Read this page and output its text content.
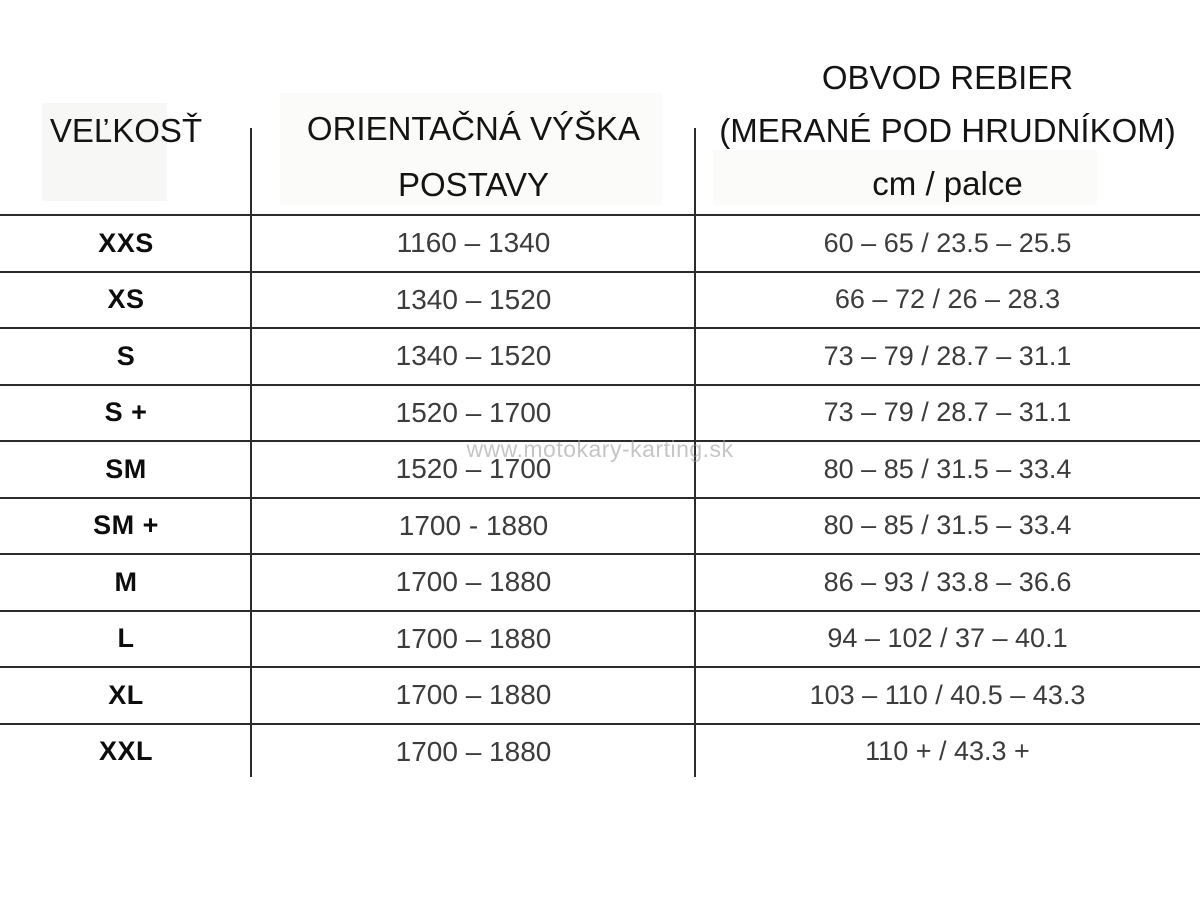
VEĽKOSŤ	ORIENTAČNÁ VÝŠKA
POSTAVY
OBVOD REBIER
(MERANÉ POD HRUDNÍKOM)
cm / palce
XXS	1160 – 1340	60 – 65 / 23.5 – 25.5
XS	1340 – 1520	66 – 72 / 26 – 28.3
S	1340 – 1520	73 – 79 / 28.7 – 31.1
S +	1520 – 1700	73 – 79 / 28.7 – 31.1
SM	1520 – 1700	80 – 85 / 31.5 – 33.4
SM +	1700 - 1880	80 – 85 / 31.5 – 33.4
M	1700 – 1880	86 – 93 / 33.8 – 36.6
L	1700 – 1880	94 – 102 / 37 – 40.1
XL	1700 – 1880	103 – 110 / 40.5 – 43.3
XXL	1700 – 1880	110 + / 43.3 +
www.motokary-karting.sk
